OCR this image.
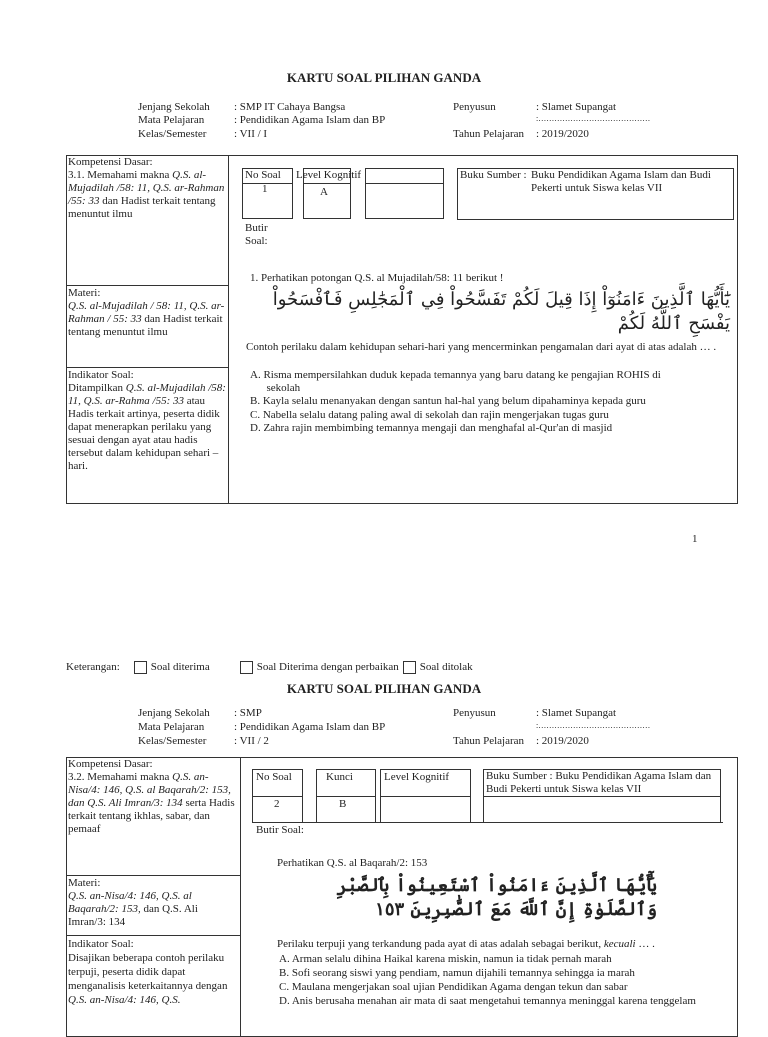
KARTU SOAL PILIHAN GANDA
Jenjang Sekolah : SMP IT Cahaya Bangsa
Mata Pelajaran	: Pendidikan Agama Islam dan BP
Kelas/Semester	: VII / I
Penyusun	: Slamet Supangat
:……………………………………
Tahun Pelajaran : 2019/2020
Kompetensi Dasar:
3.1. Memahami makna Q.S. al-Mujadilah /58: 11, Q.S. ar-Rahman /55: 33 dan Hadist terkait tentang menuntut ilmu
Materi:
Q.S. al-Mujadilah / 58: 11, Q.S. ar-Rahman / 55: 33 dan Hadist terkait tentang menuntut ilmu
Indikator Soal:
Ditampilkan Q.S. al-Mujadilah /58: 11, Q.S. ar-Rahma /55: 33 atau Hadis terkait artinya, peserta didik dapat menerapkan perilaku yang sesuai dengan ayat atau hadis tersebut dalam kehidupan sehari – hari.
No Soal
1
Level Kognitif
A
Buku Sumber : Buku Pendidikan Agama Islam dan Budi Pekerti untuk Siswa kelas VII
Butir Soal:
1. Perhatikan potongan Q.S. al Mujadilah/58: 11 berikut !
يَٰٓأَيُّهَا ٱلَّذِينَ ءَامَنُوٓاْ إِذَا قِيلَ لَكُمْ تَفَسَّحُواْ فِي ٱلْمَجَٰلِسِ فَٱفْسَحُواْ يَفْسَحِ ٱللَّهُ لَكُمْ
Contoh perilaku dalam kehidupan sehari-hari yang mencerminkan pengamalan dari ayat di atas adalah … .
A. Risma mempersilahkan duduk kepada temannya yang baru datang ke pengajian ROHIS di
sekolah
B. Kayla selalu menanyakan dengan santun hal-hal yang belum dipahaminya kepada guru
C. Nabella selalu datang paling awal di sekolah dan rajin mengerjakan tugas guru
D. Zahra rajin membimbing temannya mengaji dan menghafal al-Qur'an di masjid
1
Keterangan:	Soal diterima	Soal Diterima dengan perbaikan Soal ditolak
KARTU SOAL PILIHAN GANDA
Jenjang Sekolah : SMP
Mata Pelajaran	: Pendidikan Agama Islam dan BP
Kelas/Semester	: VII / 2
Penyusun	: Slamet Supangat
:……………………………………
Tahun Pelajaran : 2019/2020
Kompetensi Dasar:
3.2. Memahami makna Q.S. an-Nisa/4: 146, Q.S. al Baqarah/2: 153, dan Q.S. Ali Imran/3: 134 serta Hadis terkait tentang ikhlas, sabar, dan pemaaf
Materi:
Q.S. an-Nisa/4: 146, Q.S. al Baqarah/2: 153, dan Q.S. Ali Imran/3: 134
Indikator Soal:
Disajikan beberapa contoh perilaku terpuji, peserta didik dapat menganalisis keterkaitannya dengan Q.S. an-Nisa/4: 146, Q.S.
No Soal
2
Kunci
B
Level Kognitif	Buku Sumber : Buku Pendidikan Agama Islam dan Budi Pekerti untuk Siswa kelas VII
Butir Soal:
Perhatikan Q.S. al Baqarah/2: 153
يَٰٓأَيُّهَا ٱلَّذِينَ ءَامَنُواْ ٱسْتَعِينُواْ بِٱلصَّبْرِ وَٱلصَّلَوٰةِ إِنَّ ٱللَّهَ مَعَ ٱلصَّٰبِرِينَ ١٥٣
Perilaku terpuji yang terkandung pada ayat di atas adalah sebagai berikut, kecuali … .
A. Arman selalu dihina Haikal karena miskin, namun ia tidak pernah marah
B. Sofi seorang siswi yang pendiam, namun dijahili temannya sehingga ia marah
C. Maulana mengerjakan soal ujian Pendidikan Agama dengan tekun dan sabar
D. Anis berusaha menahan air mata di saat mengetahui temannya meninggal karena tenggelam
